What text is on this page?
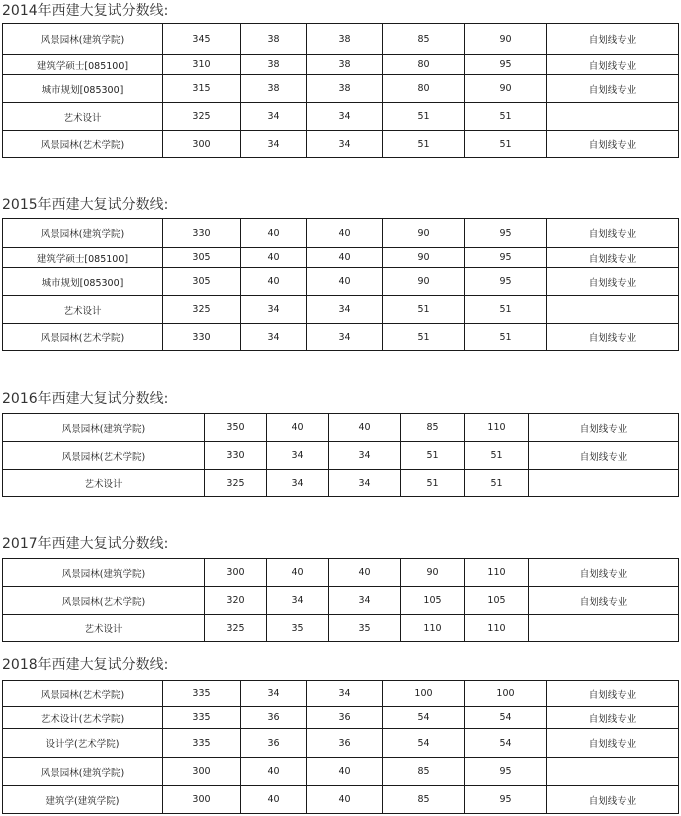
2014年西建大复试分数线:
风景园林(建筑学院)	345	38	38	85	90	自划线专业
建筑学硕士[085100]	310	38	38	80	95	自划线专业
城市规划[085300]	315	38	38	80	90	自划线专业
艺术设计	325	34	34	51	51	
风景园林(艺术学院)	300	34	34	51	51	自划线专业
2015年西建大复试分数线:
风景园林(建筑学院)	330	40	40	90	95	自划线专业
建筑学硕士[085100]	305	40	40	90	95	自划线专业
城市规划[085300]	305	40	40	90	95	自划线专业
艺术设计	325	34	34	51	51	
风景园林(艺术学院)	330	34	34	51	51	自划线专业
2016年西建大复试分数线:
风景园林(建筑学院)	350	40	40	85	110	自划线专业
风景园林(艺术学院)	330	34	34	51	51	自划线专业
艺术设计	325	34	34	51	51	
2017年西建大复试分数线:
风景园林(建筑学院)	300	40	40	90	110	自划线专业
风景园林(艺术学院)	320	34	34	105	105	自划线专业
艺术设计	325	35	35	110	110	
2018年西建大复试分数线:
风景园林(艺术学院)	335	34	34	100	100	自划线专业
艺术设计(艺术学院)	335	36	36	54	54	自划线专业
设计学(艺术学院)	335	36	36	54	54	自划线专业
风景园林(建筑学院)	300	40	40	85	95	
建筑学(建筑学院)	300	40	40	85	95	自划线专业
